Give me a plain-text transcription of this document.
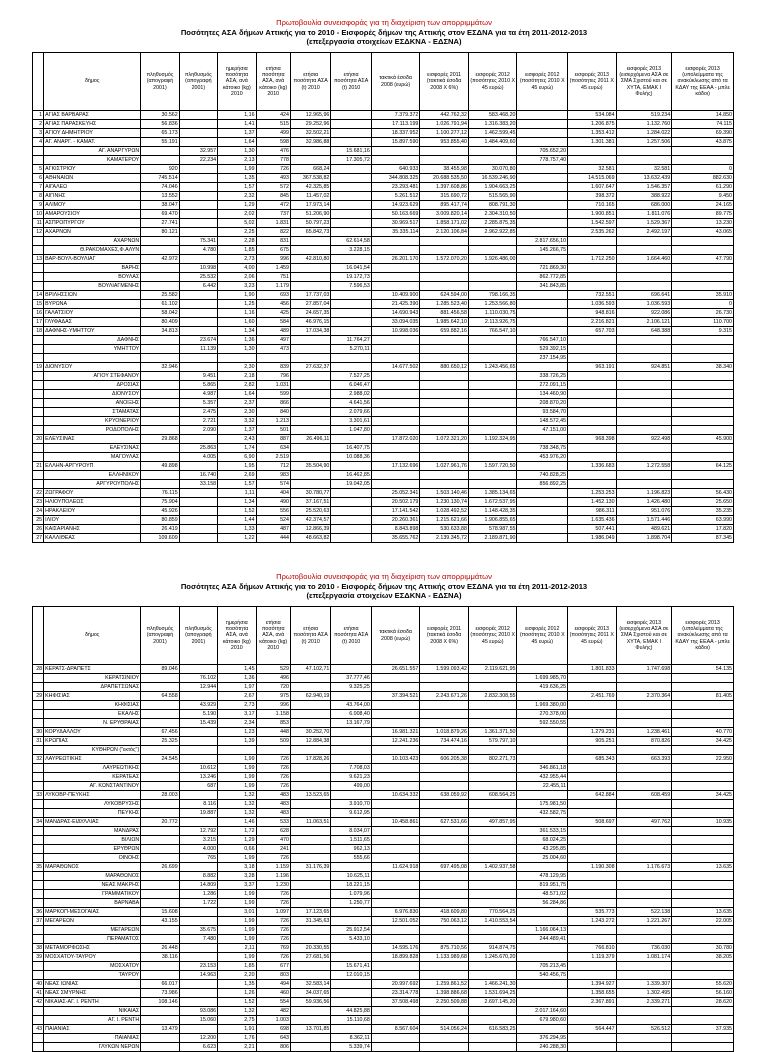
Πρωτοβουλία συνεισφοράς για τη διαχείριση των απορριμμάτων
Ποσότητες ΑΣΑ δήμων Αττικής για το 2010 - Εισφορές δήμων της Αττικής στον ΕΣΔΝΑ για τα έτη 2011-2012-2013
(επεξεργασία στοιχείων ΕΣΔΚΝΑ - ΕΔΣΝΑ)
	δήμος	πληθυσμός (απογραφή 2001)	πληθυσμός (απογραφή 2001)	ημερήσια ποσότητα ΑΣΑ, ανά κάτοικο (kg) 2010	ετήσια ποσότητα ΑΣΑ, ανά κάτοικο (kg) 2010	ετήσια ποσότητα ΑΣΑ (t) 2010	ετήσια ποσότητα ΑΣΑ (t) 2010	τακτικά έσοδα 2008 (ευρώ)	εισφορές 2011 (τακτικά έσοδα 2008 X 6%)	εισφορές 2012 (ποσότητες 2010 X 45 ευρώ)	εισφορές 2012 (ποσότητες 2010 X 45 ευρώ)	εισφορές 2013 (ποσότητες 2011 X 45 ευρώ)	εισφορές 2013 (εισερχόμενα ΑΣΑ σε ΣΜΑ Σχιστού και σε ΧΥΤΑ, ΕΜΑΚ Ι Φυλής)	εισφορές 2013 (υπολείμματα της ανακύκλωσης από τα ΚΔΑΥ της ΕΕΑΑ - μπλε κάδοι)
1	ΑΓΙΑΣ ΒΑΡΒΑΡΑΣ	30.562		1,16	424	12.965,96		7.379.372	442.762,32	583.468,20		534.084	519.234	14.850
2	ΑΓΙΑΣ ΠΑΡΑΣΚΕΥΗΣ	56.836		1,41	515	29.252,96		17.113.199	1.026.791,94	1.316.383,20		1.206.875	1.132.760	74.115
3	ΑΓΙΟΥ ΔΗΜΗΤΡΙΟΥ	65.173		1,37	499	32.502,21		18.337.952	1.100.277,12	1.462.599,45		1.353.412	1.284.022	69.390
4	ΑΓ. ΑΝΑΡΓ. - ΚΑΜΑΤ.	55.191		1,64	598	32.986,88		15.897.590	953.855,40	1.484.409,60		1.301.381	1.257.506	43.875
	ΑΓ. ΑΝΑΡΓΥΡΩΝ		32.957	1,30	476		15.681,16				705.652,20			
	ΚΑΜΑΤΕΡΟΥ		22.234	2,13	778		17.305,72				778.757,40			
5	ΑΓΚΙΣΤΡΙΟΥ	920		1,99	726	668,24		640.933	38.455,98	30.070,80		32.581	32.581	0
6	ΑΘΗΝΑΙΩΝ	745.514		1,35	493	367.538,82		344.808.325	20.688.535,50	16.539.246,90		14.515.069	13.632.439	882.630
7	ΑΙΓΑΛΕΩ	74.046		1,57	572	42.325,85		23.293.481	1.397.608,86	1.904.663,25		1.607.647	1.546.357	61.290
8	ΑΙΓΙΝΗΣ	13.552		2,32	845	11.457,02		5.261.512	315.690,72	515.565,90		398.372	388.922	9.450
9	ΑΛΙΜΟΥ	38.047		1,29	472	17.973,14		14.923.629	895.417,74	808.791,30		710.165	686.000	24.165
10	ΑΜΑΡΟΥΣΙΟΥ	69.470		2,02	737	51.206,90		50.163.669	3.009.820,14	2.304.310,50		1.900.851	1.811.076	89.775
11	ΑΣΠΡΟΠΥΡΓΟΥ	27.741		5,02	1.831	50.797,23		30.969.517	1.858.171,02	2.285.875,35		1.542.597	1.529.367	13.230
12	ΑΧΑΡΝΩΝ	80.121		2,25	822	65.842,73		35.335.114	2.120.106,84	2.962.922,85		2.535.262	2.492.197	43.065
	ΑΧΑΡΝΩΝ		75.341	2,28	831		62.614,58				2.817.656,10			
	Θ.ΡΑΚΟΜΑΧΕΣ,Φ.ΑΛΥΝ		4.780	1,85	675		3.228,15				145.266,75			
13	ΒΑΡ-ΒΟΥΛ-ΒΟΥΛΙΑΓ	42.972		2,73	996	42.810,80		26.201.170	1.572.070,20	1.926.486,00		1.712.250	1.664.460	47.790
	ΒΑΡΗΣ		10.998	4,00	1.459		16.041,54				721.869,30			
	ΒΟΥΛΑΣ		25.532	2,06	751		19.172,73				862.772,85			
	ΒΟΥΛΙΑΓΜΕΝΗΣ		6.442	3,23	1.179		7.596,53				341.843,85			
14	ΒΡΙΛΗΣΣΙΩΝ	25.582		1,90	693	17.737,03		10.409.900	624.594,00	798.166,35		732.551	696.641	35.910
15	ΒΥΡΩΝΑ	61.102		1,25	456	27.857,04		21.425.390	1.285.523,40	1.253.566,80		1.036.593	1.036.593	0
16	ΓΑΛΑΤΣΙΟΥ	58.042		1,16	425	24.657,35		14.690.943	881.456,58	1.110.030,75		948.816	922.086	26.730
17	ΓΛΥΦΑΔΑΣ	80.409		1,60	584	46.976,15		33.094.035	1.985.642,10	2.113.926,75		2.216.821	2.106.121	110.700
18	ΔΑΦΝΗΣ-ΥΜΗΤΤΟΥ	34.813		1,34	489	17.034,38		10.998.036	659.882,16	766.547,10		657.703	648.388	9.315
	ΔΑΦΝΗΣ		23.674	1,36	497		11.764,27				766.547,10			
	ΥΜΗΤΤΟΥ		11.139	1,30	473		5.270,11				529.392,15			
											237.154,95			
19	ΔΙΟΝΥΣΟΥ	32.946		2,30	839	27.632,37		14.677.502	880.650,12	1.243.456,65		963.191	924.851	38.340
	ΑΓΙΟΥ ΣΤΕΦΑΝΟΥ		9.451	2,18	796		7.527,25				338.726,25			
	ΔΡΟΣΙΑΣ		5.865	2,82	1.031		6.046,47				272.091,15			
	ΔΙΟΝΥΣΟΥ		4.987	1,64	599		2.988,02				134.460,90			
	ΑΝΟΙΞΗΣ		5.357	2,37	866		4.641,56				208.870,20			
	ΣΤΑΜΑΤΑΣ		2.475	2,30	840		2.079,66				93.584,70			
	ΚΡΥΟΝΕΡΙΟΥ		2.721	3,32	1.213		3.301,61				148.572,45			
	ΡΟΔΟΠΟΛΗΣ		2.090	1,37	501		1.047,80				47.151,00			
20	ΕΛΕΥΣΙΝΑΣ	29.868		2,43	887	26.496,11		17.872.020	1.072.321,20	1.192.324,95		968.398	922.498	45.900
	ΕΛΕΥΣΙΝΑΣ		25.863	1,74	634		16.407,75				738.348,75			
	ΜΑΓΟΥΛΑΣ		4.005	6,90	2.519		10.088,36				453.976,20			
21	ΕΛΛΗΝ-ΑΡΓΥΡΟΥΠ	49.898		1,95	712	35.504,90		17.132.696	1.027.961,76	1.597.720,50		1.336.683	1.272.558	64.125
	ΕΛΛΗΝΙΚΟΥ		16.740	2,69	983		16.462,85				740.828,25			
	ΑΡΓΥΡΟΥΠΟΛΗΣ		33.158	1,57	574		19.042,05				856.892,25			
22	ΖΩΓΡΑΦΟΥ	76.115		1,11	404	30.780,77		25.052.341	1.503.140,46	1.385.134,65		1.253.253	1.196.823	56.430
23	ΗΛΙΟΥΠΟΛΕΩΣ	75.904		1,34	490	37.167,51		20.502.179	1.230.130,74	1.672.537,95		1.452.130	1.426.480	25.650
24	ΗΡΑΚΛΕΙΟΥ	45.926		1,52	556	25.520,63		17.141.542	1.028.492,52	1.148.428,35		986.311	951.076	35.235
25	ΙΛΙΟΥ	80.859		1,44	524	42.374,57		20.260.361	1.215.621,66	1.906.855,65		1.635.436	1.571.446	63.990
26	ΚΑΙΣΑΡΙΑΝΗΣ	26.419		1,33	487	12.866,39		8.843.898	530.633,88	578.987,55		507.441	489.621	17.820
27	ΚΑΛΛΙΘΕΑΣ	109.609		1,22	444	48.663,82		35.655.762	2.139.345,72	2.189.871,90		1.986.049	1.898.704	87.345
Πρωτοβουλία συνεισφοράς για τη διαχείριση των απορριμμάτων
Ποσότητες ΑΣΑ δήμων Αττικής για το 2010 - Εισφορές δήμων της Αττικής στον ΕΣΔΝΑ για τα έτη 2011-2012-2013
(επεξεργασία στοιχείων ΕΣΔΚΝΑ - ΕΔΣΝΑ)
	δήμος	πληθυσμός (απογραφή 2001)	πληθυσμός (απογραφή 2001)	ημερήσια ποσότητα ΑΣΑ, ανά κάτοικο (kg) 2010	ετήσια ποσότητα ΑΣΑ, ανά κάτοικο (kg) 2010	ετήσια ποσότητα ΑΣΑ (t) 2010	ετήσια ποσότητα ΑΣΑ (t) 2010	τακτικά έσοδα 2008 (ευρώ)	εισφορές 2011 (τακτικά έσοδα 2008 X 6%)	εισφορές 2012 (ποσότητες 2010 X 45 ευρώ)	εισφορές 2012 (ποσότητες 2010 X 45 ευρώ)	εισφορές 2013 (ποσότητες 2011 X 45 ευρώ)	εισφορές 2013 (εισερχόμενα ΑΣΑ σε ΣΜΑ Σχιστού και σε ΧΥΤΑ, ΕΜΑΚ Ι Φυλής)	εισφορές 2013 (υπολείμματα της ανακύκλωσης από τα ΚΔΑΥ της ΕΕΑΑ - μπλε κάδοι)
28	ΚΕΡΑΤΣ-ΔΡΑΠΕΤΣ	89.046		1,45	529	47.102,71		26.651.557	1.599.093,42	2.119.621,95		1.801.833	1.747.698	54.135
	ΚΕΡΑΤΣΙΝΙΟΥ		76.102	1,36	496		37.777,46				1.699.985,70			
	ΔΡΑΠΕΤΣΩΝΑΣ		12.944	1,97	720		9.325,25				419.636,25			
29	ΚΗΦΙΣΙΑΣ	64.558		2,67	975	62.940,19		37.394.521	2.243.671,26	2.832.308,55		2.451.769	2.370.364	81.405
	ΚΗΦΙΣΙΑΣ		43.929	2,73	996		43.764,00				1.969.380,00			
	ΕΚΑΛΗΣ		5.190	3,17	1.158		6.008,40				270.378,00			
	Ν. ΕΡΥΘΡΑΙΑΣ		15.439	2,34	853		13.167,79				592.550,55			
30	ΚΟΡΥΔΑΛΛΟΥ	67.456		1,23	448	30.252,70		16.981.321	1.018.879,26	1.361.371,50		1.279.231	1.238.461	40.770
31	ΚΡΩΠΙΑΣ	25.325		1,39	509	12.884,38		12.241.236	734.474,16	579.797,10		905.251	870.826	34.425
	ΚΥΘΗΡΩΝ ("εκτός")													
32	ΛΑΥΡΕΩΤΙΚΗΣ	24.545		1,99	726	17.828,26		10.103.423	606.205,38	802.271,73		685.343	663.393	22.950
	ΛΑΥΡΕΩΤΙΚΗΣ		10.612	1,99	726		7.708,03				346.861,18			
	ΚΕΡΑΤΕΑΣ		13.246	1,99	726		9.621,23				432.955,44			
	ΑΓ. ΚΩΝΣΤΑΝΤΙΝΟΥ		687	1,99	726		499,00				22.455,11			
33	ΛΥΚΟΒΡ-ΠΕΥΚΗΣ	28.003		1,32	483	13.523,65		10.634.332	638.059,92	608.564,25		642.884	608.459	34.425
	ΛΥΚΟΒΡΥΣΗΣ		8.116	1,32	483		3.910,70				175.981,50			
	ΠΕΥΚΗΣ		19.887	1,32	483		9.612,95				432.582,75			
34	ΜΑΝΔΡΑΣ-ΕΙΔΥΛΛΙΑΣ	20.772		1,46	533	11.063,51		10.458.861	627.531,66	497.857,95		508.697	497.762	10.935
	ΜΑΝΔΡΑΣ		12.792	1,72	628		8.034,07				361.533,15			
	ΒΙΛΙΩΝ		3.215	1,29	470		1.511,65				68.024,25			
	ΕΡΥΘΡΩΝ		4.000	0,66	241		962,13				43.295,85			
	ΟΙΝΟΗΣ		765	1,99	726		555,66				25.004,60			
35	ΜΑΡΑΘΩΝΟΣ	26.699		3,18	1.159	31.176,39		11.624.918	697.495,08	1.402.937,58		1.190.308	1.176.673	13.635
	ΜΑΡΑΘΩΝΟΣ		8.882	3,28	1.196		10.625,11				478.129,95			
	ΝΕΑΣ ΜΑΚΡΗΣ		14.809	3,37	1.230		18.221,15				819.951,75			
	ΓΡΑΜΜΑΤΙΚΟΥ		1.286	1,99	726		1.079,96				48.571,02			
	ΒΑΡΝΑΒΑ		1.722	1,99	726		1.250,77				56.284,86			
36	ΜΑΡΚΟΠ-ΜΕΣΟΓΑΙΑΣ	15.608		3,01	1.097	17.123,65		6.976.830	418.609,80	770.564,25		535.773	522.138	13.635
37	ΜΕΓΑΡΕΩΝ	43.155		1,99	726	31.345,63		12.501.052	750.063,12	1.410.553,54		1.243.272	1.221.267	22.005
	ΜΕΓΑΡΕΩΝ		35.675	1,99	726		25.912,54				1.166.064,13			
	ΠΕΡΑΜΑΤΟΣ		7.480	1,99	726		5.433,10				244.489,41			
38	ΜΕΤΑΜΟΡΦΩΣΗΣ	26.448		2,11	769	20.330,55		14.595.176	875.710,56	914.874,75		766.810	736.030	30.780
39	ΜΟΣΧΑΤΟΥ-ΤΑΥΡΟΥ	38.116		1,99	726	27.681,56		18.899.828	1.133.989,68	1.245.670,20		1.119.379	1.081.174	38.205
	ΜΟΣΧΑΤΟΥ		23.153	1,85	677		15.671,41				705.213,45			
	ΤΑΥΡΟΥ		14.963	2,20	803		12.010,15				540.456,75			
40	ΝΕΑΣ ΙΩΝΙΑΣ	66.017		1,35	494	32.583,14		20.997.692	1.259.861,52	1.466.241,30		1.394.927	1.339.307	55.620
41	ΝΕΑΣ ΣΜΥΡΝΗΣ	73.986		1,26	460	34.037,65		23.314.778	1.398.886,68	1.531.694,25		1.358.655	1.302.495	56.160
42	ΝΙΚΑΙΑΣ-ΑΓ. Ι. ΡΕΝΤΗ	108.146		1,52	554	59.936,56		37.508.498	2.250.509,88	2.697.145,20		2.367.891	2.339.271	28.620
	ΝΙΚΑΙΑΣ		93.086	1,32	482		44.825,88				2.017.164,60			
	ΑΓ. Ι. ΡΕΝΤΗ		15.060	2,75	1.003		15.110,68				679.980,60			
43	ΠΑΙΑΝΙΑΣ	13.479		1,91	698	13.701,85		8.567.604	514.056,24	616.583,25		564.447	526.512	37.935
	ΠΑΙΑΝΙΑΣ		12.200	1,76	643		8.362,11				376.294,95			
	ΓΛΥΚΩΝ ΝΕΡΩΝ		6.623	2,21	806		5.339,74				240.288,30			
